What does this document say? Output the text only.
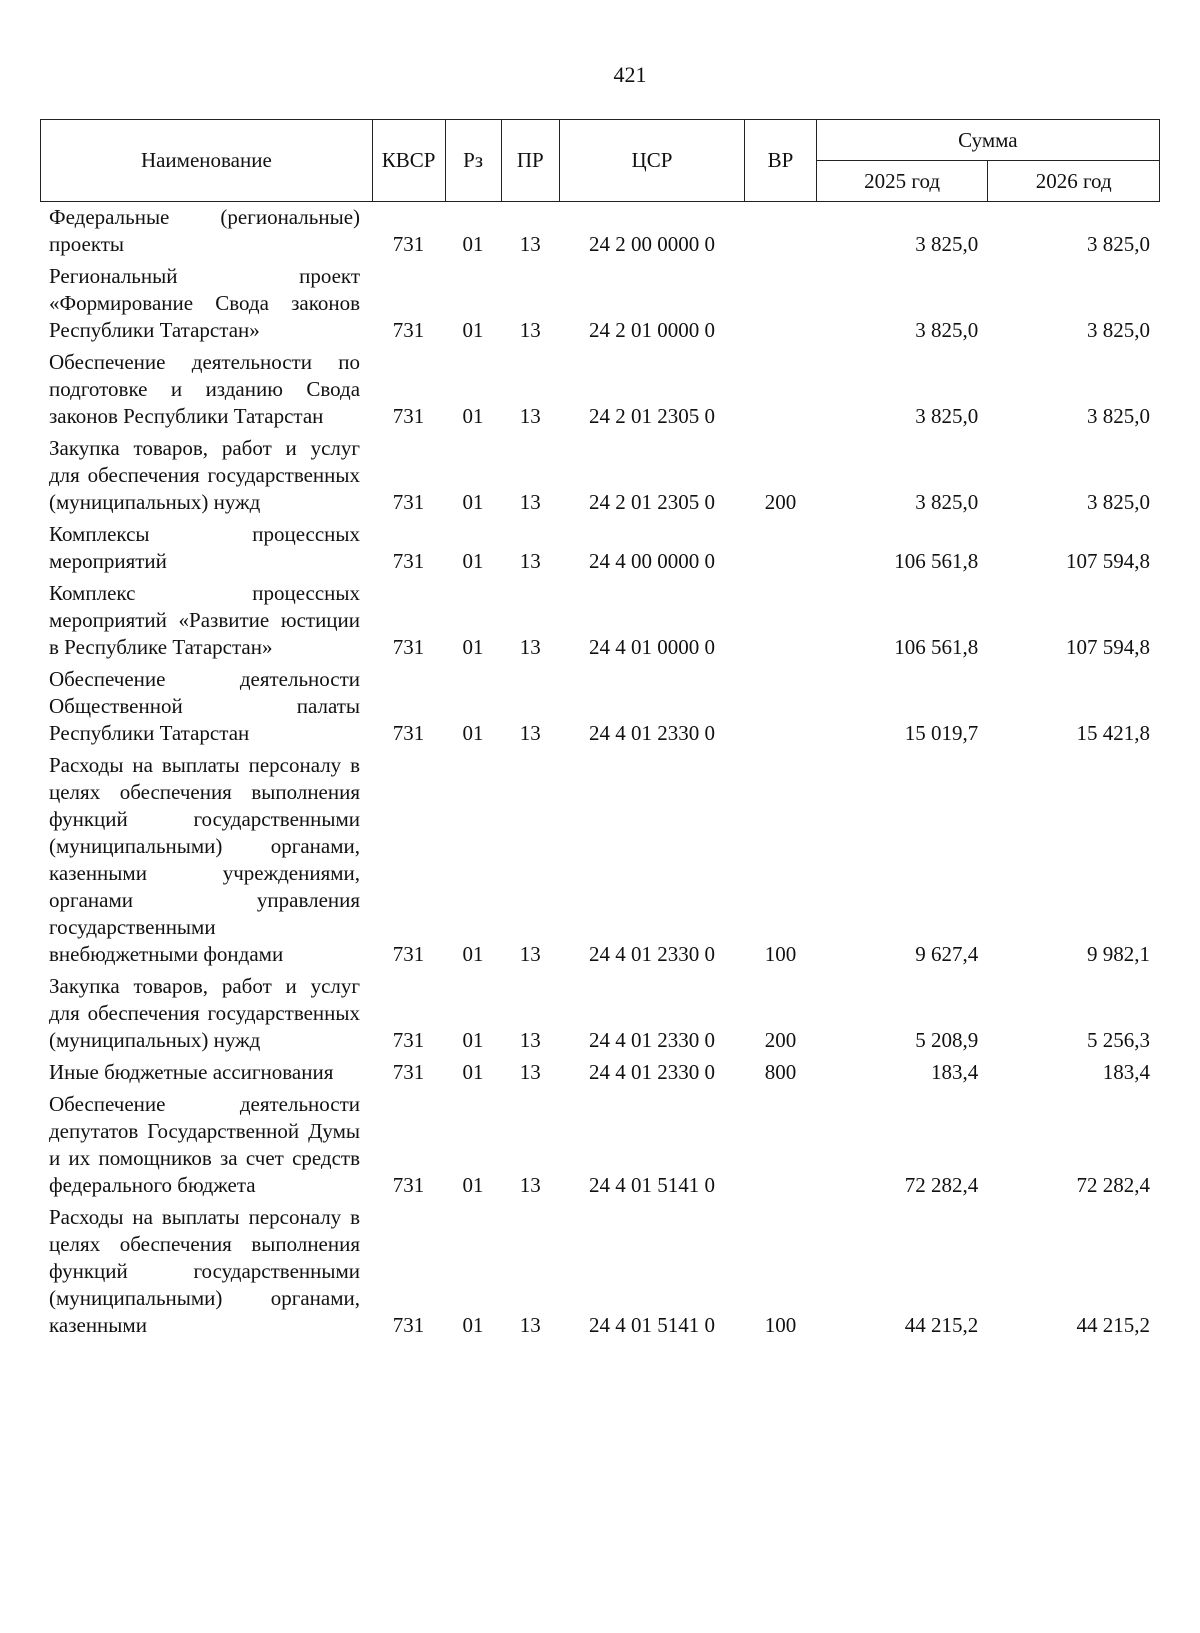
421
Наименование	КВСР	Рз	ПР	ЦСР	ВР	Сумма	
						2025 год	2026 год
Федеральные (региональные) проекты	731	01	13	24 2 00 0000 0		3 825,0	3 825,0
Региональный проект «Формирование Свода законов Республики Татарстан»	731	01	13	24 2 01 0000 0		3 825,0	3 825,0
Обеспечение деятельности по подготовке и изданию Свода законов Республики Татарстан	731	01	13	24 2 01 2305 0		3 825,0	3 825,0
Закупка товаров, работ и услуг для обеспечения государственных (муниципальных) нужд	731	01	13	24 2 01 2305 0	200	3 825,0	3 825,0
Комплексы процессных мероприятий	731	01	13	24 4 00 0000 0		106 561,8	107 594,8
Комплекс процессных мероприятий «Развитие юстиции в Республике Татарстан»	731	01	13	24 4 01 0000 0		106 561,8	107 594,8
Обеспечение деятельности Общественной палаты Республики Татарстан	731	01	13	24 4 01 2330 0		15 019,7	15 421,8
Расходы на выплаты персоналу в целях обеспечения выполнения функций государственными (муниципальными) органами, казенными учреждениями, органами управления государственными внебюджетными фондами	731	01	13	24 4 01 2330 0	100	9 627,4	9 982,1
Закупка товаров, работ и услуг для обеспечения государственных (муниципальных) нужд	731	01	13	24 4 01 2330 0	200	5 208,9	5 256,3
Иные бюджетные ассигнования	731	01	13	24 4 01 2330 0	800	183,4	183,4
Обеспечение деятельности депутатов Государственной Думы и их помощников за счет средств федерального бюджета	731	01	13	24 4 01 5141 0		72 282,4	72 282,4
Расходы на выплаты персоналу в целях обеспечения выполнения функций государственными (муниципальными) органами, казенными	731	01	13	24 4 01 5141 0	100	44 215,2	44 215,2
